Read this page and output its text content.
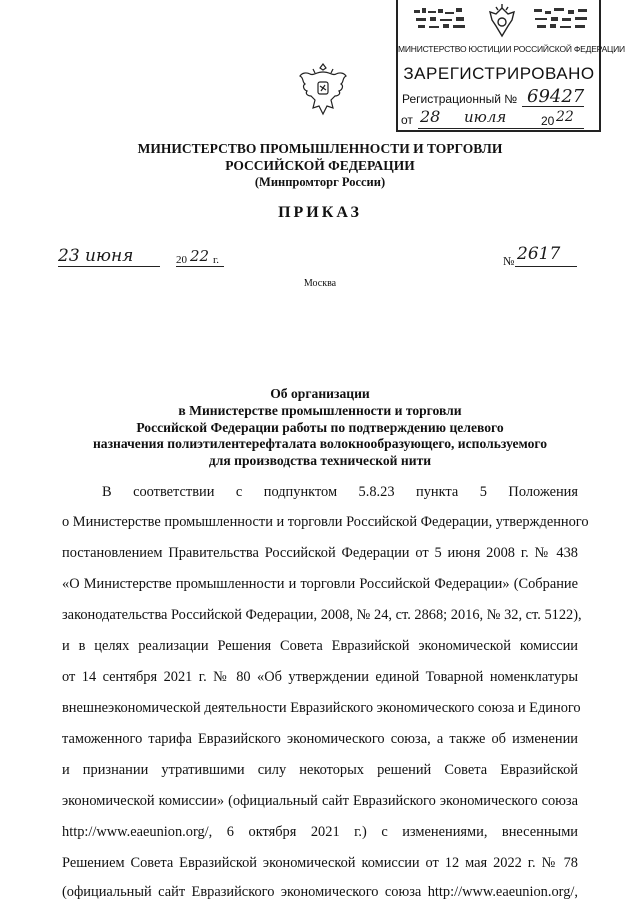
МИНИСТЕРСТВО ЮСТИЦИИ РОССИЙСКОЙ ФЕДЕРАЦИИ
ЗАРЕГИСТРИРОВАНО
Регистрационный № 69427
от 28 июля	20 22
МИНИСТЕРСТВО ПРОМЫШЛЕННОСТИ И ТОРГОВЛИ
РОССИЙСКОЙ ФЕДЕРАЦИИ
(Минпромторг России)
ПРИКАЗ
23 июня	20 22 г.	№ 2617
Москва
Об организации
в Министерстве промышленности и торговли
Российской Федерации работы по подтверждению целевого
назначения полиэтилентерефталата волокнообразующего, используемого
для производства технической нити
В соответствии с подпунктом 5.8.23 пункта 5 Положения
о Министерстве промышленности и торговли Российской Федерации, утвержденного
постановлением Правительства Российской Федерации от 5 июня 2008 г. № 438
«О Министерстве промышленности и торговли Российской Федерации» (Собрание
законодательства Российской Федерации, 2008, № 24, ст. 2868; 2016, № 32, ст. 5122),
и в целях реализации Решения Совета Евразийской экономической комиссии
от 14 сентября 2021 г. № 80 «Об утверждении единой Товарной номенклатуры
внешнеэкономической деятельности Евразийского экономического союза и Единого
таможенного тарифа Евразийского экономического союза, а также об изменении
и признании утратившими силу некоторых решений Совета Евразийской
экономической комиссии» (официальный сайт Евразийского экономического союза
http://www.eaeunion.org/, 6 октября 2021 г.) с изменениями, внесенными
Решением Совета Евразийской экономической комиссии от 12 мая 2022 г. № 78
(официальный сайт Евразийского экономического союза http://www.eaeunion.org/,
